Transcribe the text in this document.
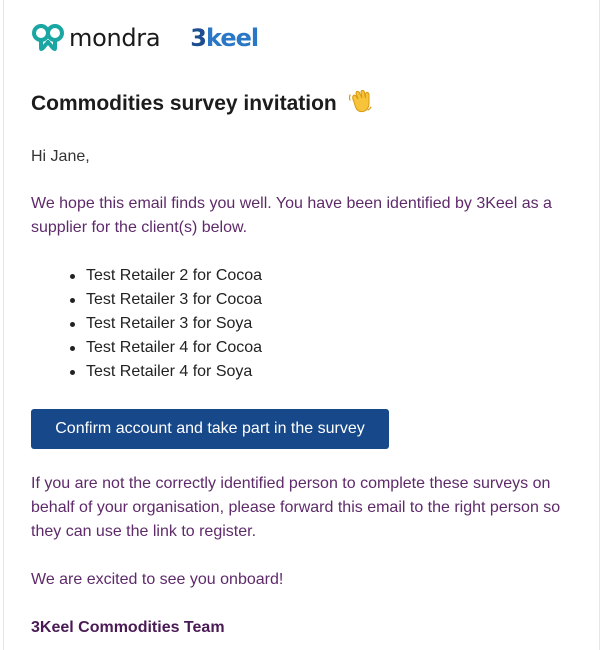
mondra 3keel
Commodities survey invitation

Hi Jane,

We hope this email finds you well. You have been identified by 3Keel as a supplier for the client(s) below.

Test Retailer 2 for Cocoa
Test Retailer 3 for Cocoa
Test Retailer 3 for Soya
Test Retailer 4 for Cocoa
Test Retailer 4 for Soya
Confirm account and take part in the survey

If you are not the correctly identified person to complete these surveys on behalf of your organisation, please forward this email to the right person so they can use the link to register.

We are excited to see you onboard!

3Keel Commodities Team
